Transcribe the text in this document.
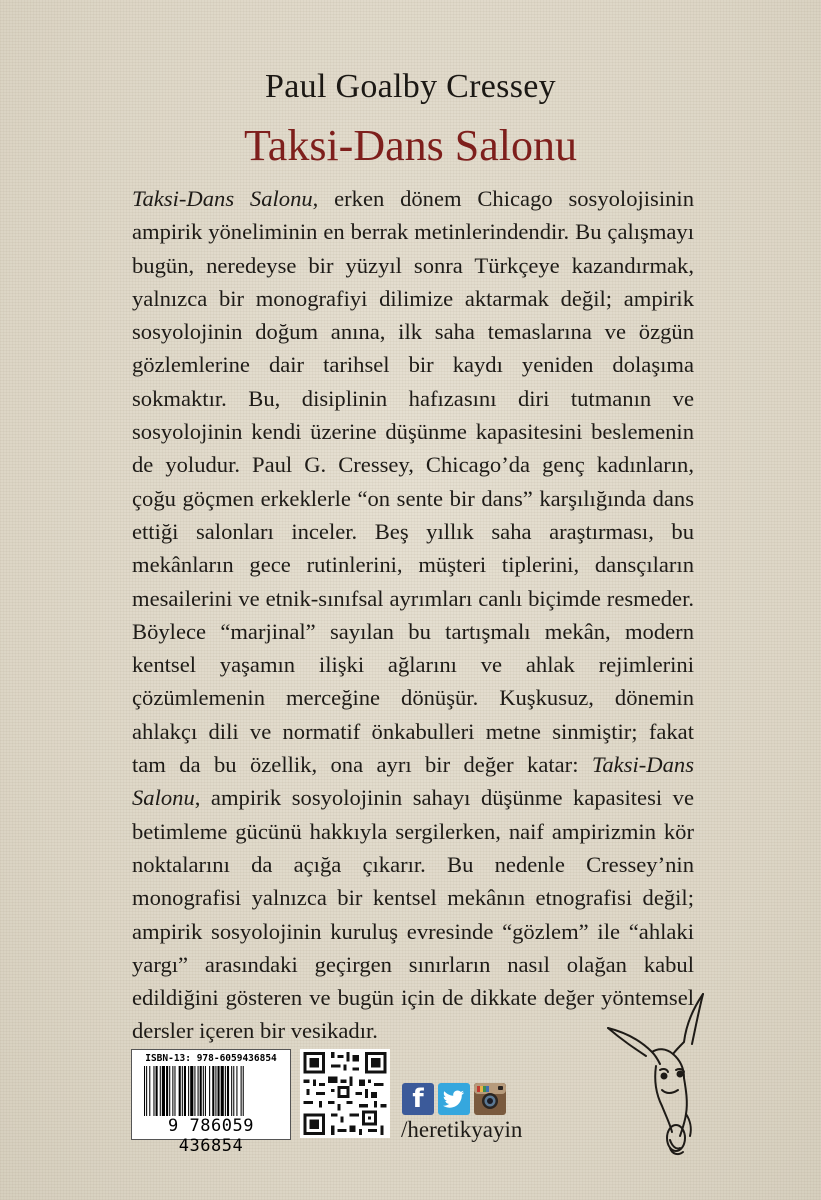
Paul Goalby Cressey
Taksi-Dans Salonu

Taksi-Dans Salonu, erken dönem Chicago sosyolojisinin ampirik yöneliminin en berrak metinlerindendir. Bu çalışmayı bugün, neredeyse bir yüzyıl sonra Türkçeye kazandırmak, yalnızca bir monografiyi dilimize aktarmak değil; ampirik sosyolojinin doğum anına, ilk saha temaslarına ve özgün gözlemlerine dair tarihsel bir kaydı yeniden dolaşıma sokmaktır. Bu, disiplinin hafızasını diri tutmanın ve sosyolojinin kendi üzerine düşünme kapasitesini beslemenin de yoludur. Paul G. Cressey, Chicago’da genç kadınların, çoğu göçmen erkeklerle “on sente bir dans” karşılığında dans ettiği salonları inceler. Beş yıllık saha araştırması, bu mekânların gece rutinlerini, müşteri tiplerini, dansçıların mesailerini ve etnik-sınıfsal ayrımları canlı biçimde resmeder. Böylece “marjinal” sayılan bu tartışmalı mekân, modern kentsel yaşamın ilişki ağlarını ve ahlak rejimlerini çözümlemenin merceğine dönüşür. Kuşkusuz, dönemin ahlakçı dili ve normatif önkabulleri metne sinmiştir; fakat tam da bu özellik, ona ayrı bir değer katar: Taksi-Dans Salonu, ampirik sosyolojinin sahayı düşünme kapasitesi ve betimleme gücünü hakkıyla sergilerken, naif ampirizmin kör noktalarını da açığa çıkarır. Bu nedenle Cressey’nin monografisi yalnızca bir kentsel mekânın etnografisi değil; ampirik sosyolojinin kuruluş evresinde “gözlem” ile “ahlaki yargı” arasındaki geçirgen sınırların nasıl olağan kabul edildiğini gösteren ve bugün için de dikkate değer yöntemsel dersler içeren bir vesikadır.

ISBN-13: 978-6059436854
9 786059 436854
f
/heretikyayin
